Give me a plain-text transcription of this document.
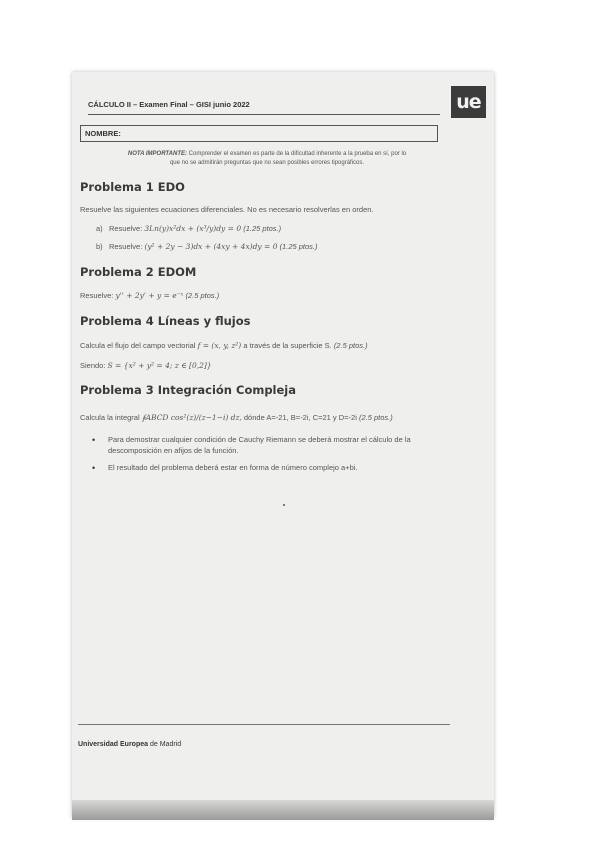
CÁLCULO II – Examen Final – GISI junio 2022	ue
NOMBRE:
NOTA IMPORTANTE: Comprender el examen es parte de la dificultad inherente a la prueba en sí, por lo
que no se admitirán preguntas que no sean posibles errores tipográficos.
Problema 1 EDO
Resuelve las siguientes ecuaciones diferenciales. No es necesario resolverlas en orden.
a) Resuelve: 3Ln(y)x²dx + (x³/y)dy = 0 (1.25 ptos.)
b) Resuelve: (y² + 2y − 3)dx + (4xy + 4x)dy = 0 (1.25 ptos.)
Problema 2 EDOM
Resuelve: y'' + 2y' + y = e⁻ˣ (2.5 ptos.)
Problema 4 Líneas y flujos
Calcula el flujo del campo vectorial f = (x, y, z²) a través de la superficie S. (2.5 ptos.)
Siendo: S = {x² + y² = 4; z ∈ [0,2]}
Problema 3 Integración Compleja
Calcula la integral ∮ABCD cos²(z)/(z−1−i) dz, dónde A=-21, B=-2i, C=21 y D=-2i (2.5 ptos.)
• Para demostrar cualquier condición de Cauchy Riemann se deberá mostrar el cálculo de la descomposición en afijos de la función.
• El resultado del problema deberá estar en forma de número complejo a+bi.
Universidad Europea de Madrid
